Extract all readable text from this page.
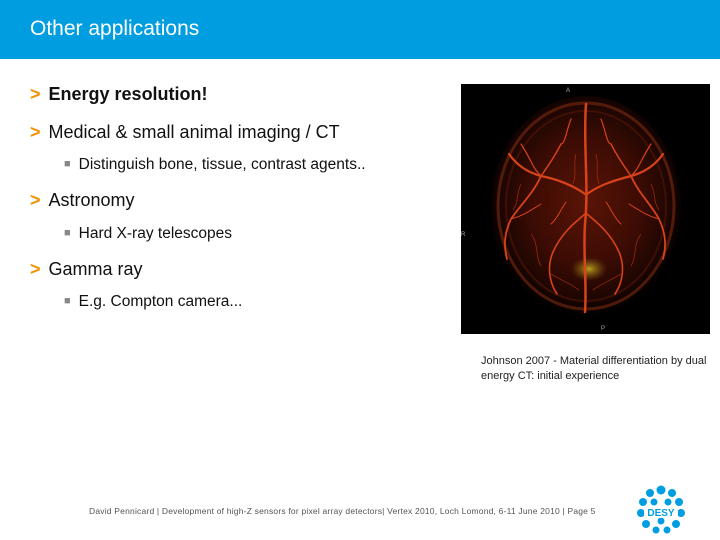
Other applications
> Energy resolution!
> Medical & small animal imaging / CT
■ Distinguish bone, tissue, contrast agents..
> Astronomy
■ Hard X-ray telescopes
> Gamma ray
■ E.g. Compton camera...
A
R
P
Johnson 2007 - Material differentiation by dual energy CT: initial experience
David Pennicard | Development of high-Z sensors for pixel array detectors| Vertex 2010, Loch Lomond, 6-11 June 2010 | Page 5	DESY
